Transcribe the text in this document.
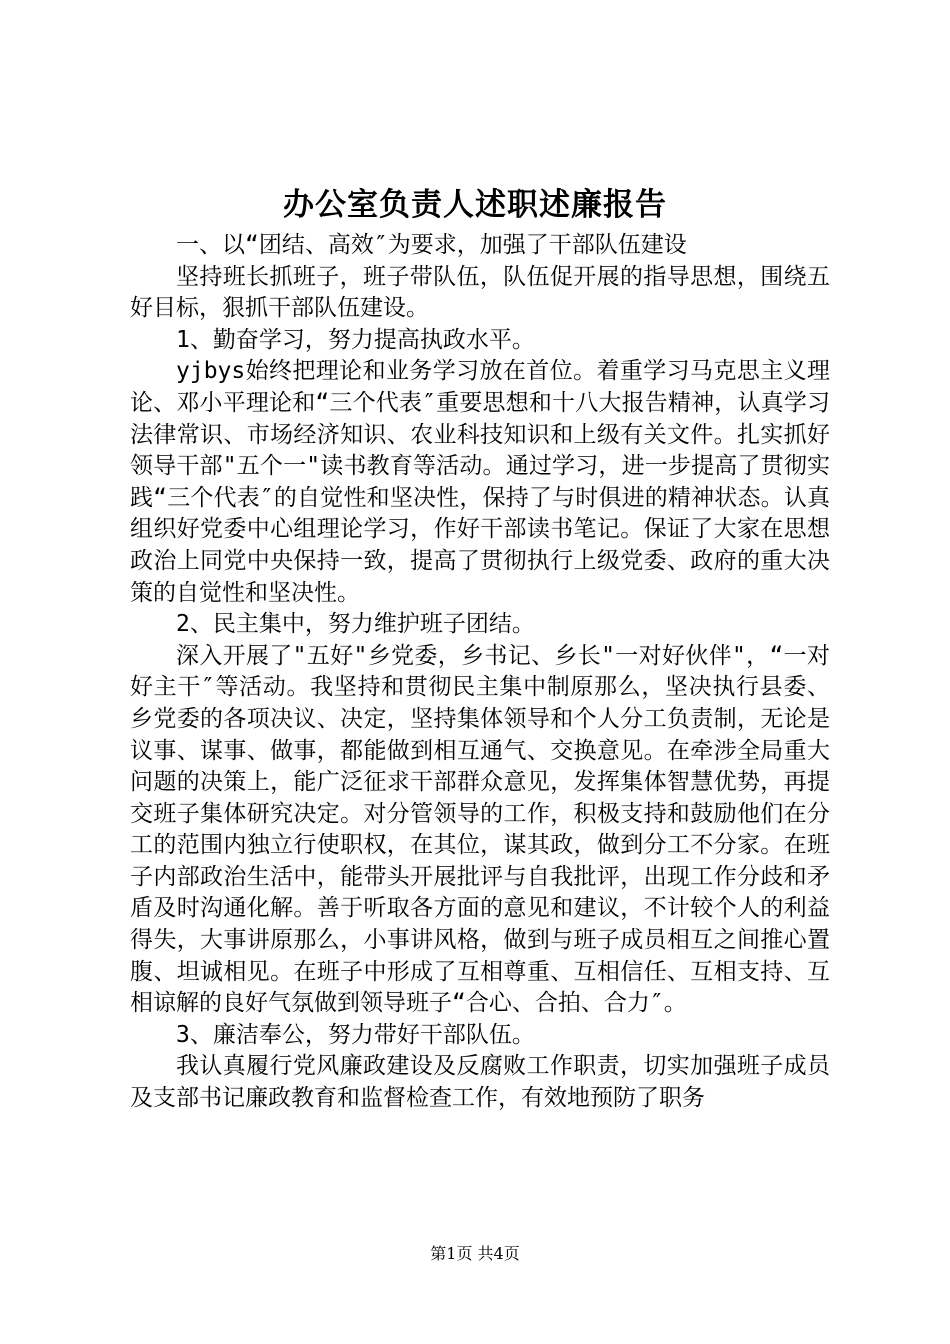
办公室负责人述职述廉报告

一、以“团结、高效″为要求，加强了干部队伍建设

坚持班长抓班子，班子带队伍，队伍促开展的指导思想，围绕五好目标，狠抓干部队伍建设。

1、勤奋学习，努力提高执政水平。

yjbys始终把理论和业务学习放在首位。着重学习马克思主义理论、邓小平理论和“三个代表″重要思想和十八大报告精神，认真学习法律常识、市场经济知识、农业科技知识和上级有关文件。扎实抓好领导干部"五个一"读书教育等活动。通过学习，进一步提高了贯彻实践“三个代表″的自觉性和坚决性，保持了与时俱进的精神状态。认真组织好党委中心组理论学习，作好干部读书笔记。保证了大家在思想政治上同党中央保持一致，提高了贯彻执行上级党委、政府的重大决策的自觉性和坚决性。

2、民主集中，努力维护班子团结。

深入开展了"五好"乡党委，乡书记、乡长"一对好伙伴"，“一对好主干″等活动。我坚持和贯彻民主集中制原那么，坚决执行县委、乡党委的各项决议、决定，坚持集体领导和个人分工负责制，无论是议事、谋事、做事，都能做到相互通气、交换意见。在牵涉全局重大问题的决策上，能广泛征求干部群众意见，发挥集体智慧优势，再提交班子集体研究决定。对分管领导的工作，积极支持和鼓励他们在分工的范围内独立行使职权，在其位，谋其政，做到分工不分家。在班子内部政治生活中，能带头开展批评与自我批评，出现工作分歧和矛盾及时沟通化解。善于听取各方面的意见和建议，不计较个人的利益得失，大事讲原那么，小事讲风格，做到与班子成员相互之间推心置腹、坦诚相见。在班子中形成了互相尊重、互相信任、互相支持、互相谅解的良好气氛做到领导班子“合心、合拍、合力″。

3、廉洁奉公，努力带好干部队伍。

我认真履行党风廉政建设及反腐败工作职责，切实加强班子成员及支部书记廉政教育和监督检查工作，有效地预防了职务

第1页 共4页
